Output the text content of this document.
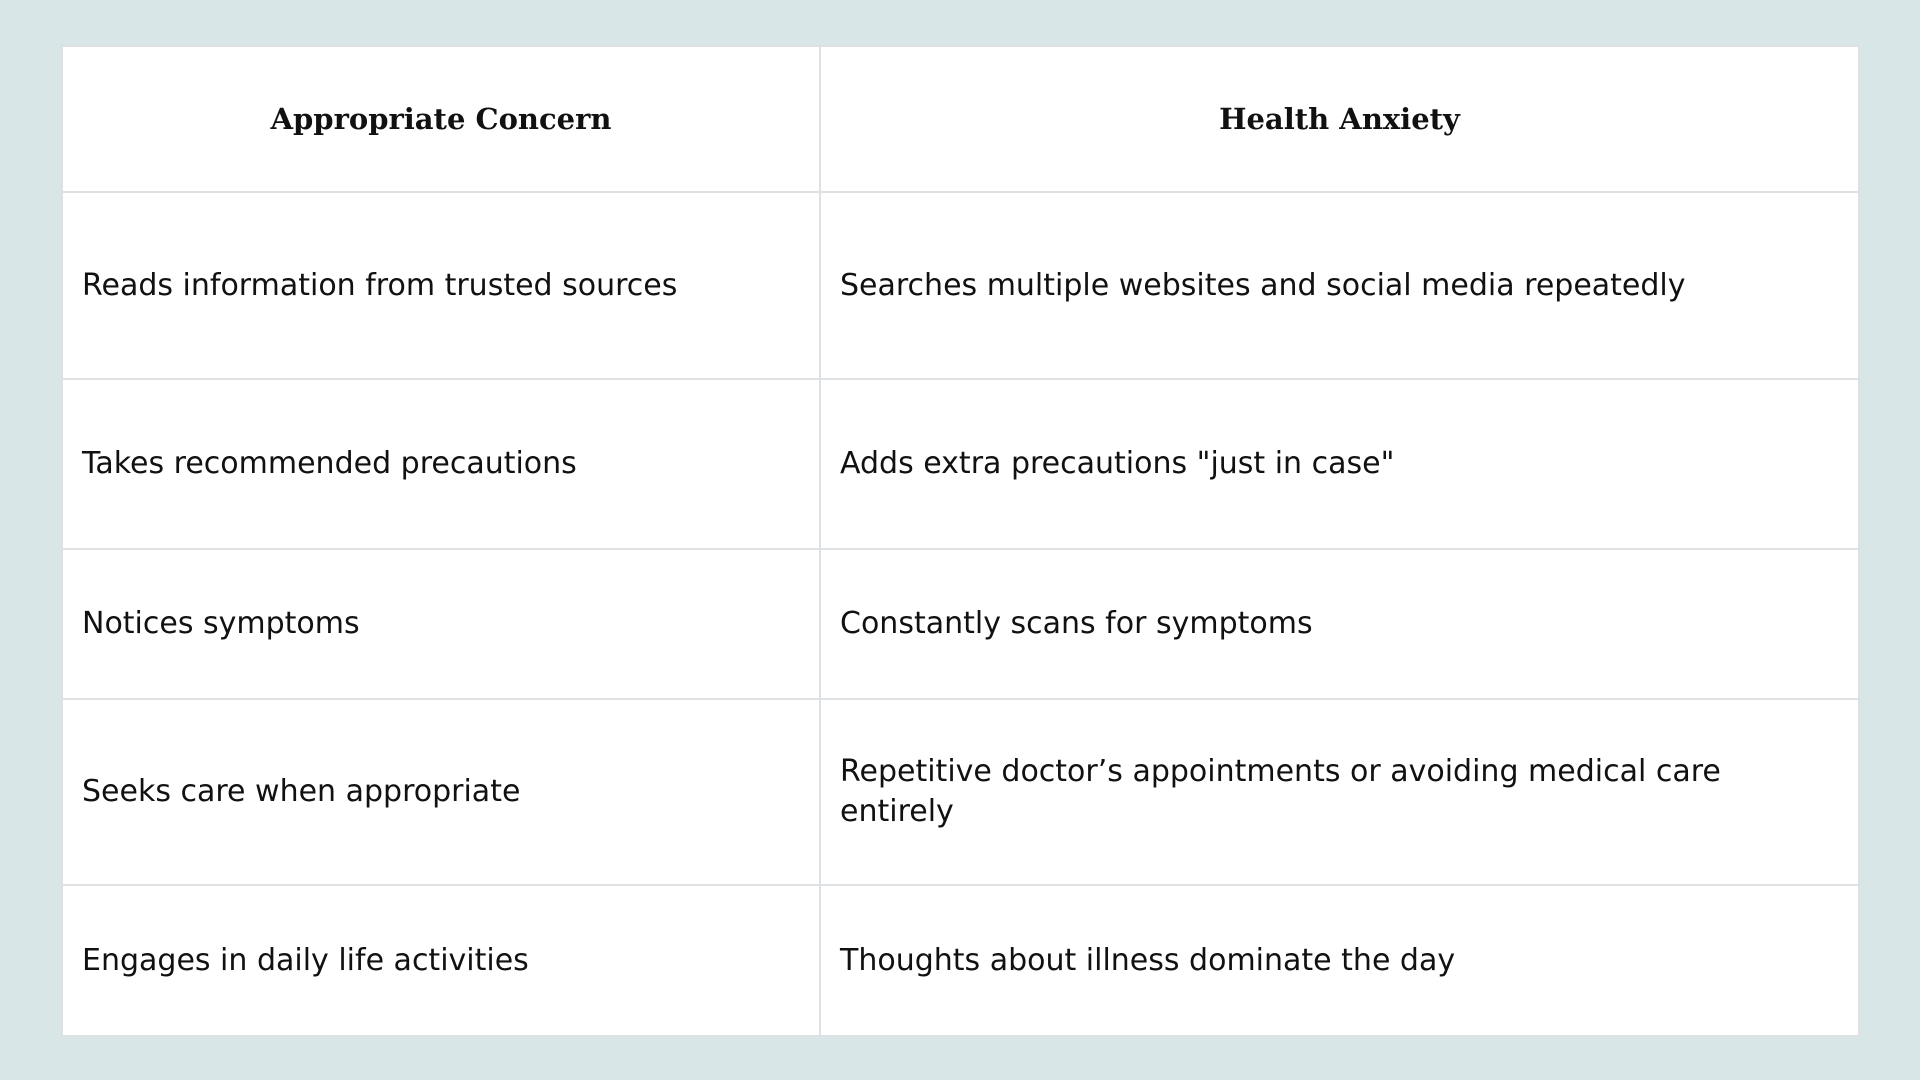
Appropriate Concern	Health Anxiety
Reads information from trusted sources	Searches multiple websites and social media repeatedly
Takes recommended precautions	Adds extra precautions "just in case"
Notices symptoms	Constantly scans for symptoms
Seeks care when appropriate	Repetitive doctor’s appointments or avoiding medical care entirely
Engages in daily life activities	Thoughts about illness dominate the day
